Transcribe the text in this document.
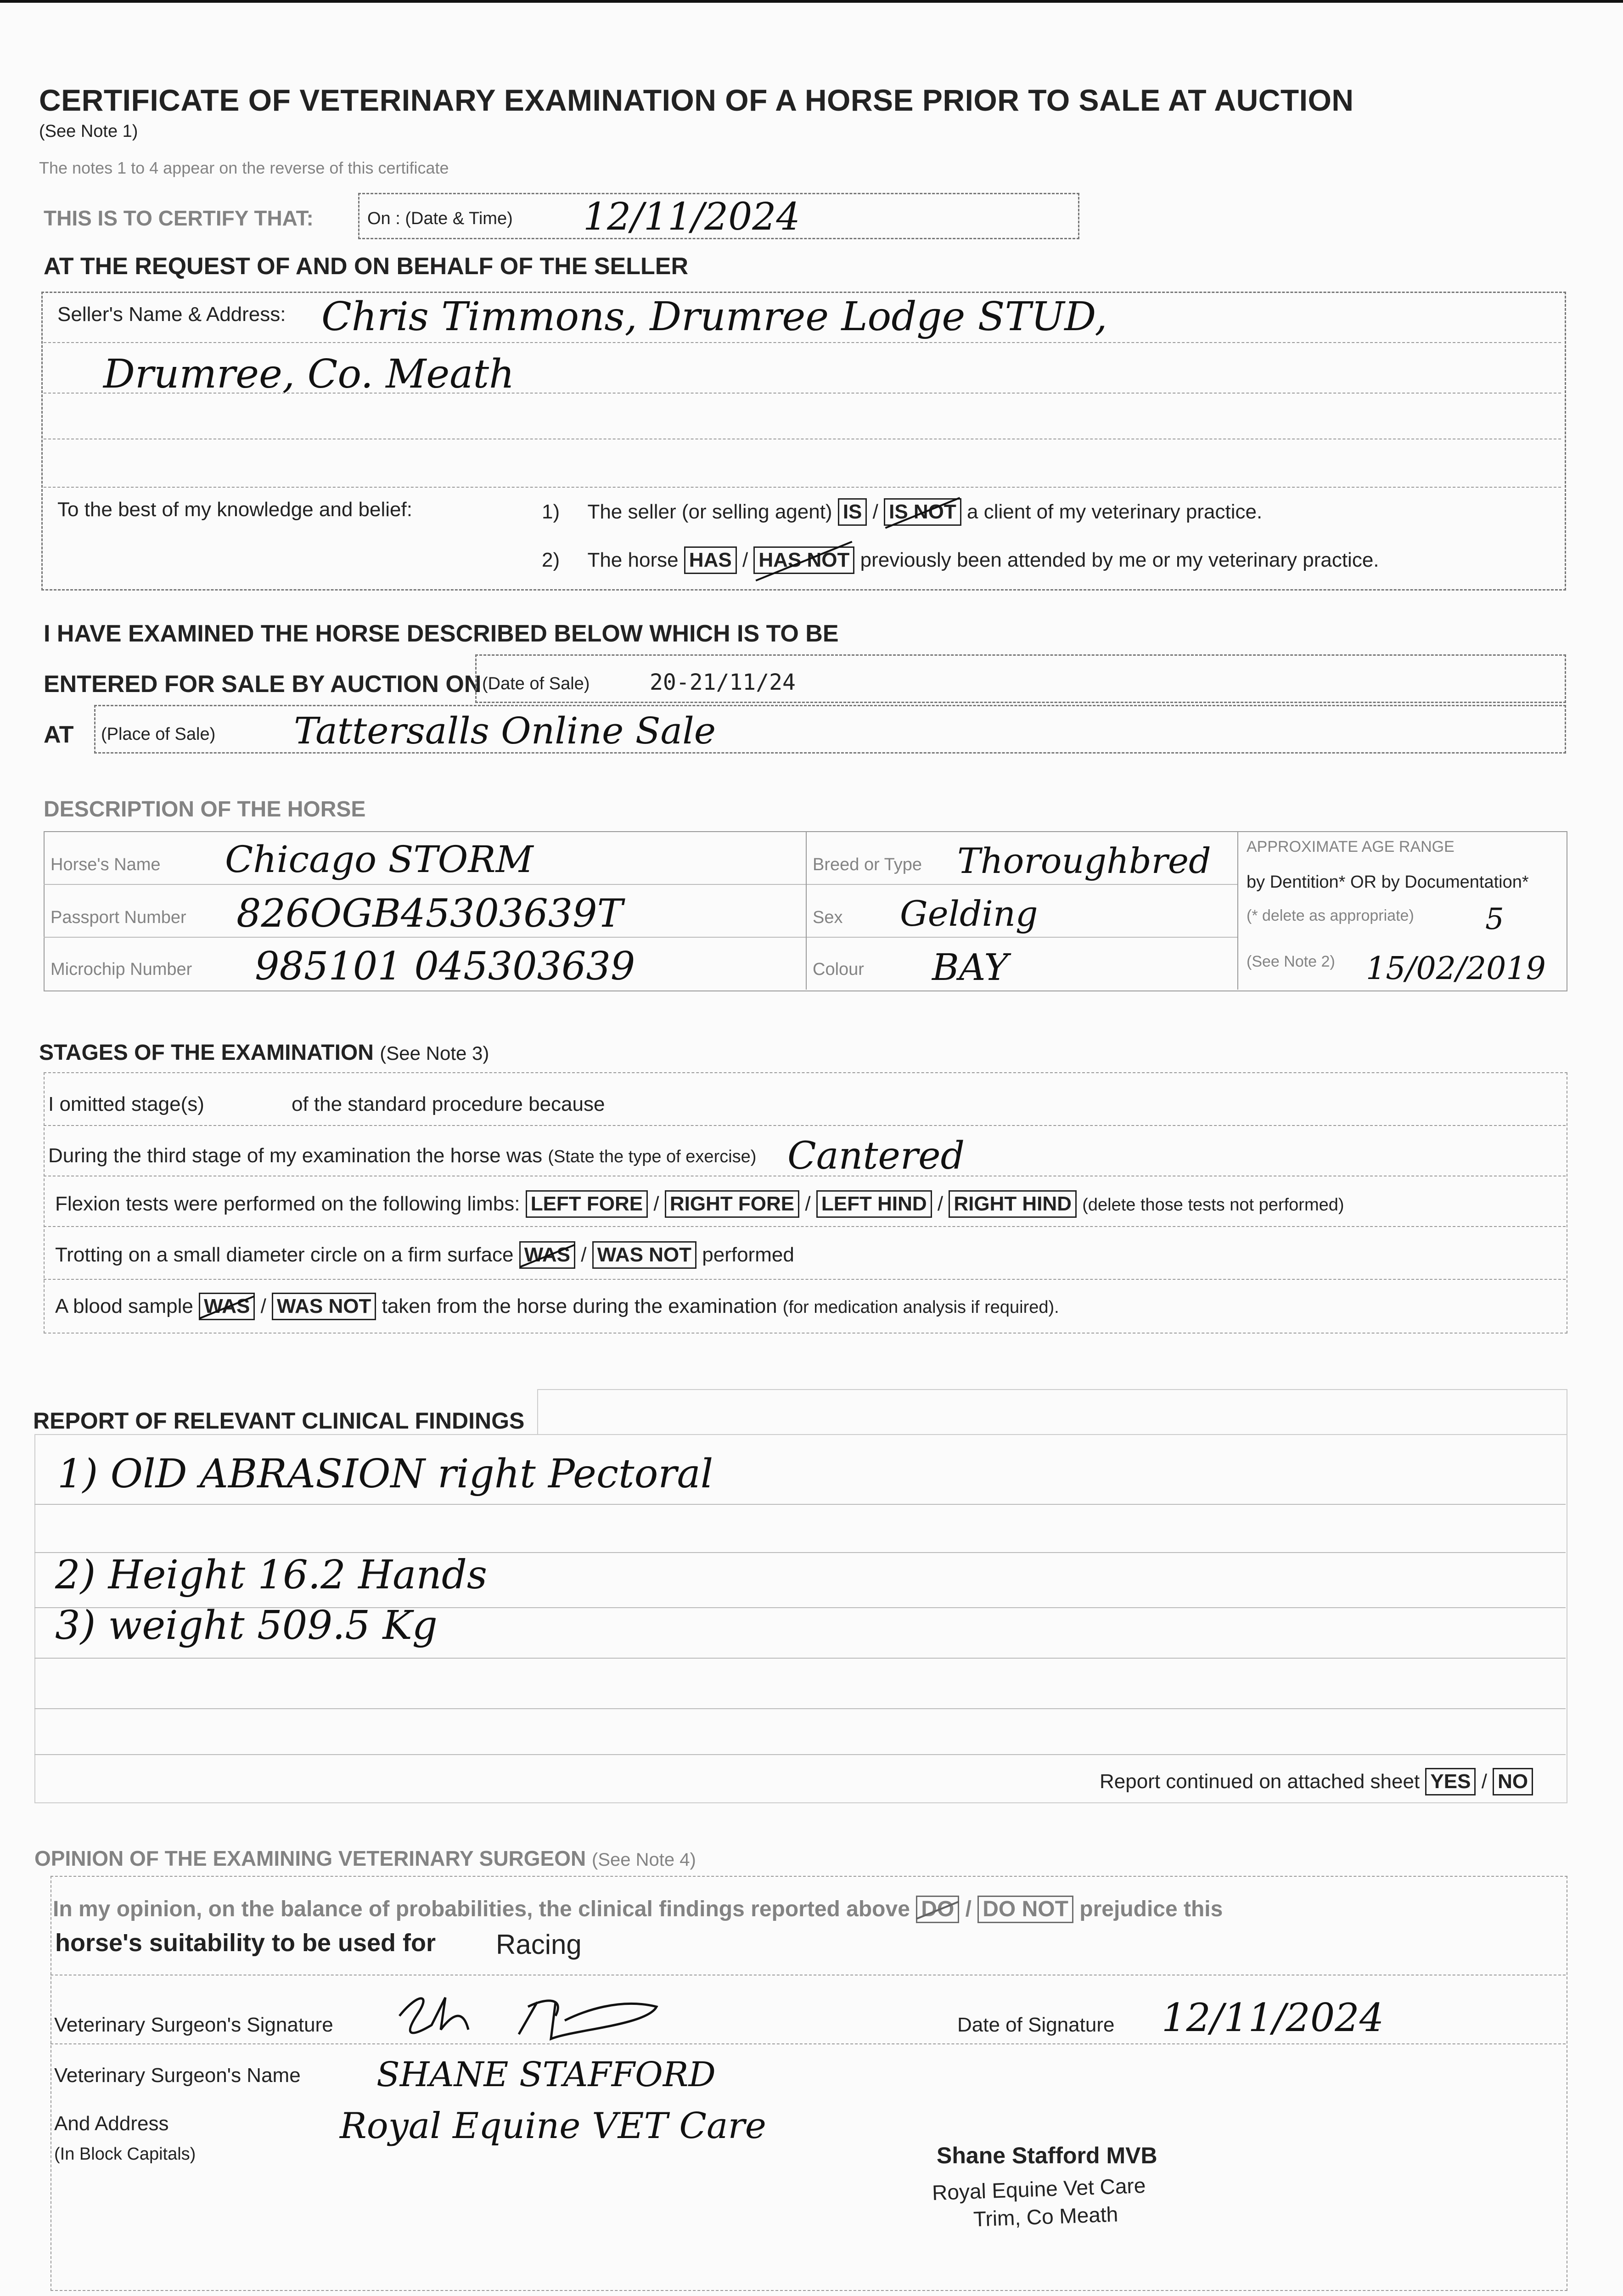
CERTIFICATE OF VETERINARY EXAMINATION OF A HORSE PRIOR TO SALE AT AUCTION
(See Note 1)
The notes 1 to 4 appear on the reverse of this certificate
THIS IS TO CERTIFY THAT:	On : (Date & Time) 12/11/2024
AT THE REQUEST OF AND ON BEHALF OF THE SELLER
Seller's Name & Address: Chris Timmons, Drumree Lodge STUD,
Drumree, Co. Meath
To the best of my knowledge and belief:	1) The seller (or selling agent) IS / IS NOT a client of my veterinary practice.
2) The horse HAS / HAS NOT previously been attended by me or my veterinary practice.
I HAVE EXAMINED THE HORSE DESCRIBED BELOW WHICH IS TO BE
ENTERED FOR SALE BY AUCTION ON (Date of Sale)	20-21/11/24
AT (Place of Sale) Tattersalls Online Sale
DESCRIPTION OF THE HORSE
Horse's Name Chicago STORM
Passport Number 826OGB45303639T
Microchip Number 985101 045303639
Breed or Type Thoroughbred
Sex Gelding
Colour BAY
APPROXIMATE AGE RANGE
by Dentition* OR by Documentation*
(* delete as appropriate) 5
(See Note 2) 15/02/2019
STAGES OF THE EXAMINATION (See Note 3)
I omitted stage(s)	of the standard procedure because
During the third stage of my examination the horse was (State the type of exercise) Cantered
Flexion tests were performed on the following limbs: LEFT FORE / RIGHT FORE / LEFT HIND / RIGHT HIND (delete those tests not performed)
Trotting on a small diameter circle on a firm surface WAS / WAS NOT performed
A blood sample WAS / WAS NOT taken from the horse during the examination (for medication analysis if required).
REPORT OF RELEVANT CLINICAL FINDINGS
1) OlD ABRASION right Pectoral
2) Height 16.2 Hands
3) weight 509.5 Kg
Report continued on attached sheet YES / NO
OPINION OF THE EXAMINING VETERINARY SURGEON (See Note 4)
In my opinion, on the balance of probabilities, the clinical findings reported above DO / DO NOT prejudice this
horse's suitability to be used for Racing
Veterinary Surgeon's Signature	Date of Signature 12/11/2024
Veterinary Surgeon's Name SHANE STAFFORD
And Address
(In Block Capitals)
Royal Equine VET Care
Shane Stafford MVB
Royal Equine Vet Care
Trim, Co Meath
